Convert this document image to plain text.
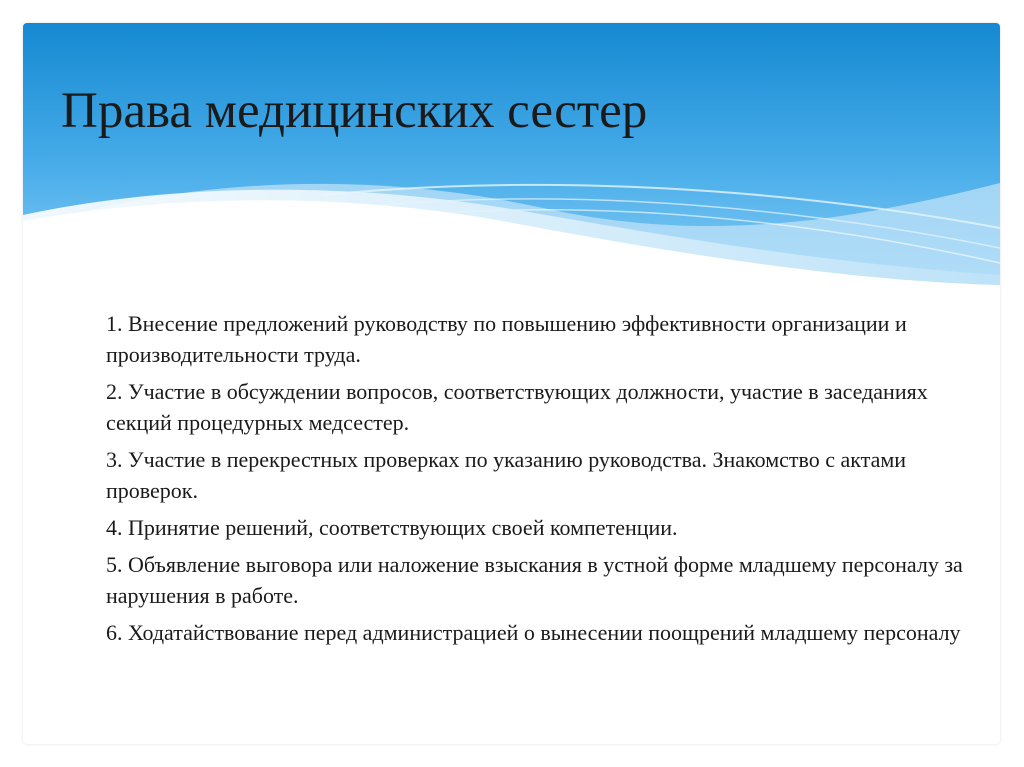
Права медицинских сестер
1. Внесение предложений руководству по повышению эффективности организации и производительности труда.
2. Участие в обсуждении вопросов, соответствующих должности, участие в заседаниях секций процедурных медсестер.
3. Участие в перекрестных проверках по указанию руководства. Знакомство с актами проверок.
4. Принятие решений, соответствующих своей компетенции.
5. Объявление выговора или наложение взыскания в устной форме младшему персоналу за нарушения в работе.
6. Ходатайствование перед администрацией о вынесении поощрений младшему персоналу
